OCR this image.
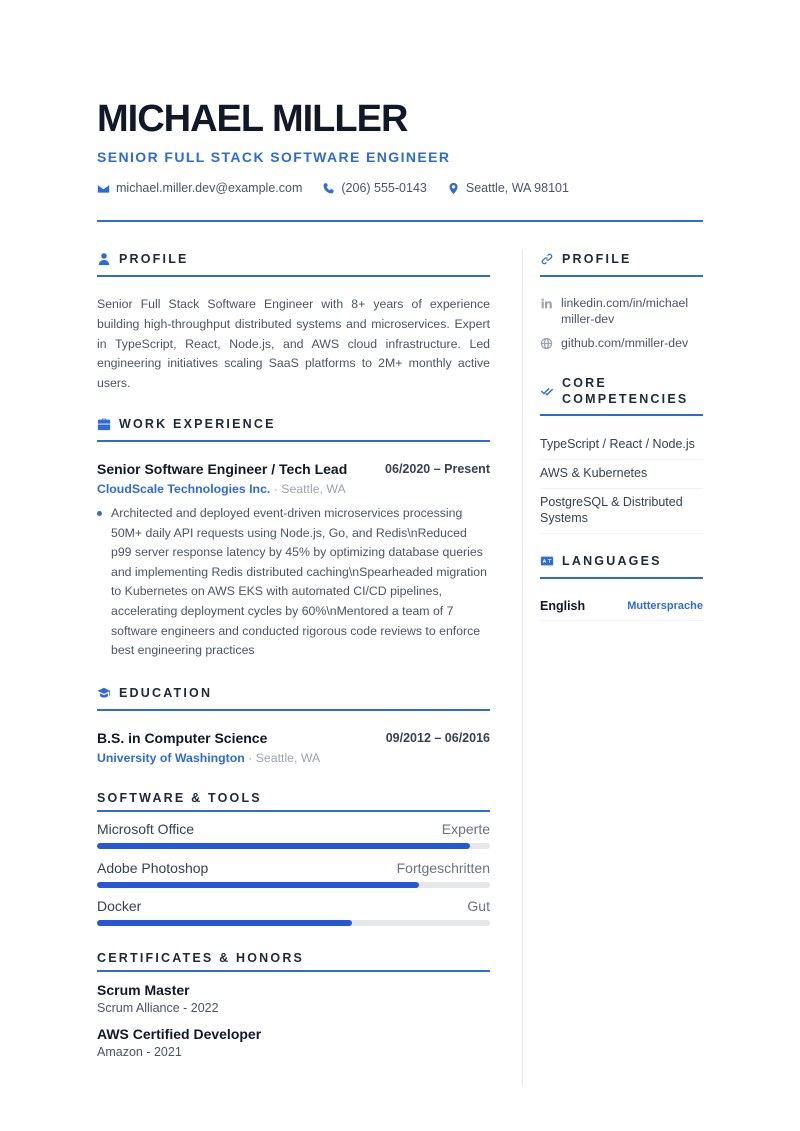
MICHAEL MILLER
SENIOR FULL STACK SOFTWARE ENGINEER
michael.miller.dev@example.com	(206) 555-0143	Seattle, WA 98101
PROFILE
Senior Full Stack Software Engineer with 8+ years of experience building high-throughput distributed systems and microservices. Expert in TypeScript, React, Node.js, and AWS cloud infrastructure. Led engineering initiatives scaling SaaS platforms to 2M+ monthly active users.
WORK EXPERIENCE
Senior Software Engineer / Tech Lead	06/2020 – Present
CloudScale Technologies Inc. · Seattle, WA
Architected and deployed event-driven microservices processing 50M+ daily API requests using Node.js, Go, and Redis\nReduced p99 server response latency by 45% by optimizing database queries and implementing Redis distributed caching\nSpearheaded migration to Kubernetes on AWS EKS with automated CI/CD pipelines, accelerating deployment cycles by 60%\nMentored a team of 7 software engineers and conducted rigorous code reviews to enforce best engineering practices
EDUCATION
B.S. in Computer Science	09/2012 – 06/2016
University of Washington · Seattle, WA
SOFTWARE & TOOLS
Microsoft Office	Experte
Adobe Photoshop	Fortgeschritten
Docker	Gut
CERTIFICATES & HONORS
Scrum Master
Scrum Alliance - 2022
AWS Certified Developer
Amazon - 2021
PROFILE
linkedin.com/in/michael
miller-dev
github.com/mmiller-dev
CORE
COMPETENCIES
TypeScript / React / Node.js
AWS & Kubernetes
PostgreSQL & Distributed Systems
LANGUAGES
English	Muttersprache
